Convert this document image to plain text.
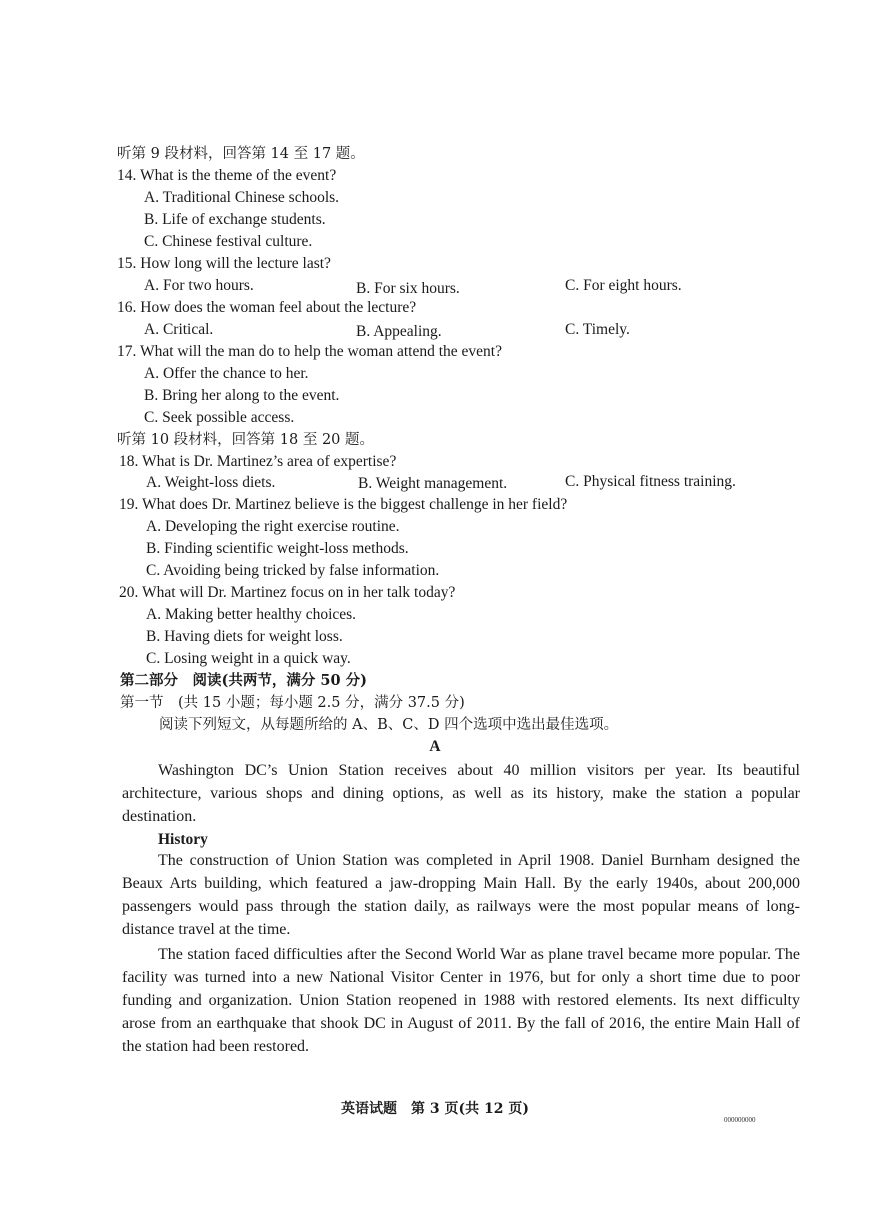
听第 9 段材料，回答第 14 至 17 题。
14. What is the theme of the event?
A. Traditional Chinese schools.
B. Life of exchange students.
C. Chinese festival culture.
15. How long will the lecture last?
A. For two hours.	B. For six hours.	C. For eight hours.
16. How does the woman feel about the lecture?
A. Critical.	B. Appealing.	C. Timely.
17. What will the man do to help the woman attend the event?
A. Offer the chance to her.
B. Bring her along to the event.
C. Seek possible access.
听第 10 段材料，回答第 18 至 20 题。
18. What is Dr. Martinez’s area of expertise?
A. Weight-loss diets.	B. Weight management.	C. Physical fitness training.
19. What does Dr. Martinez believe is the biggest challenge in her field?
A. Developing the right exercise routine.
B. Finding scientific weight-loss methods.
C. Avoiding being tricked by false information.
20. What will Dr. Martinez focus on in her talk today?
A. Making better healthy choices.
B. Having diets for weight loss.
C. Losing weight in a quick way.
第二部分　阅读(共两节，满分 50 分)
第一节　(共 15 小题；每小题 2.5 分，满分 37.5 分)
阅读下列短文，从每题所给的 A、B、C、D 四个选项中选出最佳选项。
A
Washington DC’s Union Station receives about 40 million visitors per year. Its beautiful architecture, various shops and dining options, as well as its history, make the station a popular destination.
History
The construction of Union Station was completed in April 1908. Daniel Burnham designed the Beaux Arts building, which featured a jaw-dropping Main Hall. By the early 1940s, about 200,000 passengers would pass through the station daily, as railways were the most popular means of long-distance travel at the time.
The station faced difficulties after the Second World War as plane travel became more popular. The facility was turned into a new National Visitor Center in 1976, but for only a short time due to poor funding and organization. Union Station reopened in 1988 with restored elements. Its next difficulty arose from an earthquake that shook DC in August of 2011. By the fall of 2016, the entire Main Hall of the station had been restored.
英语试题　第 3 页(共 12 页)
000000000
